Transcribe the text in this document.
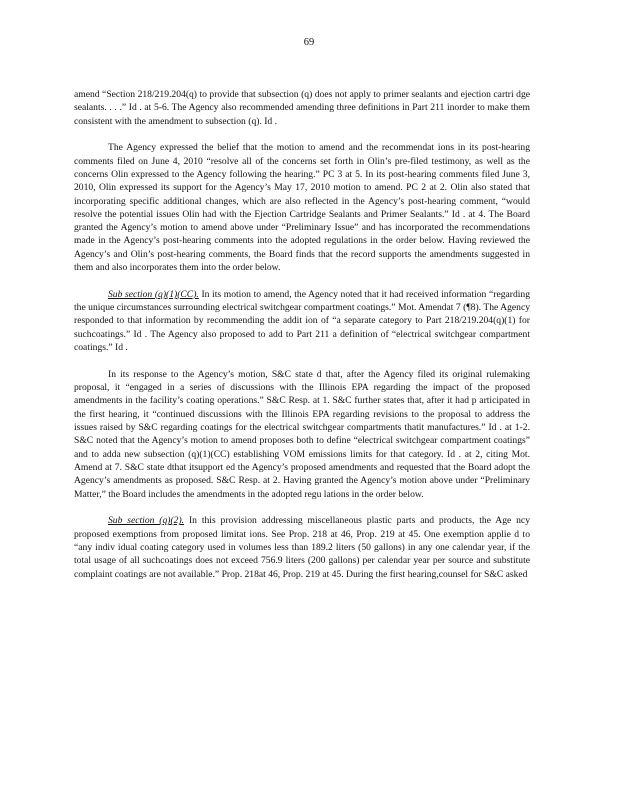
69

amend “Section 218/219.204(q) to provide that subsection (q) does not apply to primer sealants and ejection cartri dge sealants. . . .” Id . at 5-6. The Agency also recommended amending three definitions in Part 211 inorder to make them consistent with the amendment to subsection (q). Id .

The Agency expressed the belief that the motion to amend and the recommendat ions in its post-hearing comments filed on June 4, 2010 “resolve all of the concerns set forth in Olin’s pre-filed testimony, as well as the concerns Olin expressed to the Agency following the hearing.” PC 3 at 5. In its post-hearing comments filed June 3, 2010, Olin expressed its support for the Agency’s May 17, 2010 motion to amend. PC 2 at 2. Olin also stated that incorporating specific additional changes, which are also reflected in the Agency’s post-hearing comment, “would resolve the potential issues Olin had with the Ejection Cartridge Sealants and Primer Sealants.” Id . at 4. The Board granted the Agency’s motion to amend above under “Preliminary Issue” and has incorporated the recommendations made in the Agency’s post-hearing comments into the adopted regulations in the order below. Having reviewed the Agency’s and Olin’s post-hearing comments, the Board finds that the record supports the amendments suggested in them and also incorporates them into the order below.

Sub section (q)(1)(CC). In its motion to amend, the Agency noted that it had received information “regarding the unique circumstances surrounding electrical switchgear compartment coatings.” Mot. Amendat 7 (¶8). The Agency responded to that information by recommending the addit ion of “a separate category to Part 218/219.204(q)(1) for suchcoatings.” Id . The Agency also proposed to add to Part 211 a definition of “electrical switchgear compartment coatings.” Id .

In its response to the Agency’s motion, S&C state d that, after the Agency filed its original rulemaking proposal, it “engaged in a series of discussions with the Illinois EPA regarding the impact of the proposed amendments in the facility’s coating operations.” S&C Resp. at 1. S&C further states that, after it had p articipated in the first hearing, it “continued discussions with the Illinois EPA regarding revisions to the proposal to address the issues raised by S&C regarding coatings for the electrical switchgear compartments thatit manufactures.” Id . at 1-2. S&C noted that the Agency’s motion to amend proposes both to define “electrical switchgear compartment coatings” and to adda new subsection (q)(1)(CC) establishing VOM emissions limits for that category. Id . at 2, citing Mot. Amend at 7. S&C state dthat itsupport ed the Agency’s proposed amendments and requested that the Board adopt the Agency’s amendments as proposed. S&C Resp. at 2. Having granted the Agency’s motion above under “Preliminary Matter,” the Board includes the amendments in the adopted regu lations in the order below.

Sub section (q)(2). In this provision addressing miscellaneous plastic parts and products, the Age ncy proposed exemptions from proposed limitat ions. See Prop. 218 at 46, Prop. 219 at 45. One exemption applie d to “any indiv idual coating category used in volumes less than 189.2 liters (50 gallons) in any one calendar year, if the total usage of all suchcoatings does not exceed 756.9 liters (200 gallons) per calendar year per source and substitute complaint coatings are not available.” Prop. 218at 46, Prop. 219 at 45. During the first hearing,counsel for S&C asked
